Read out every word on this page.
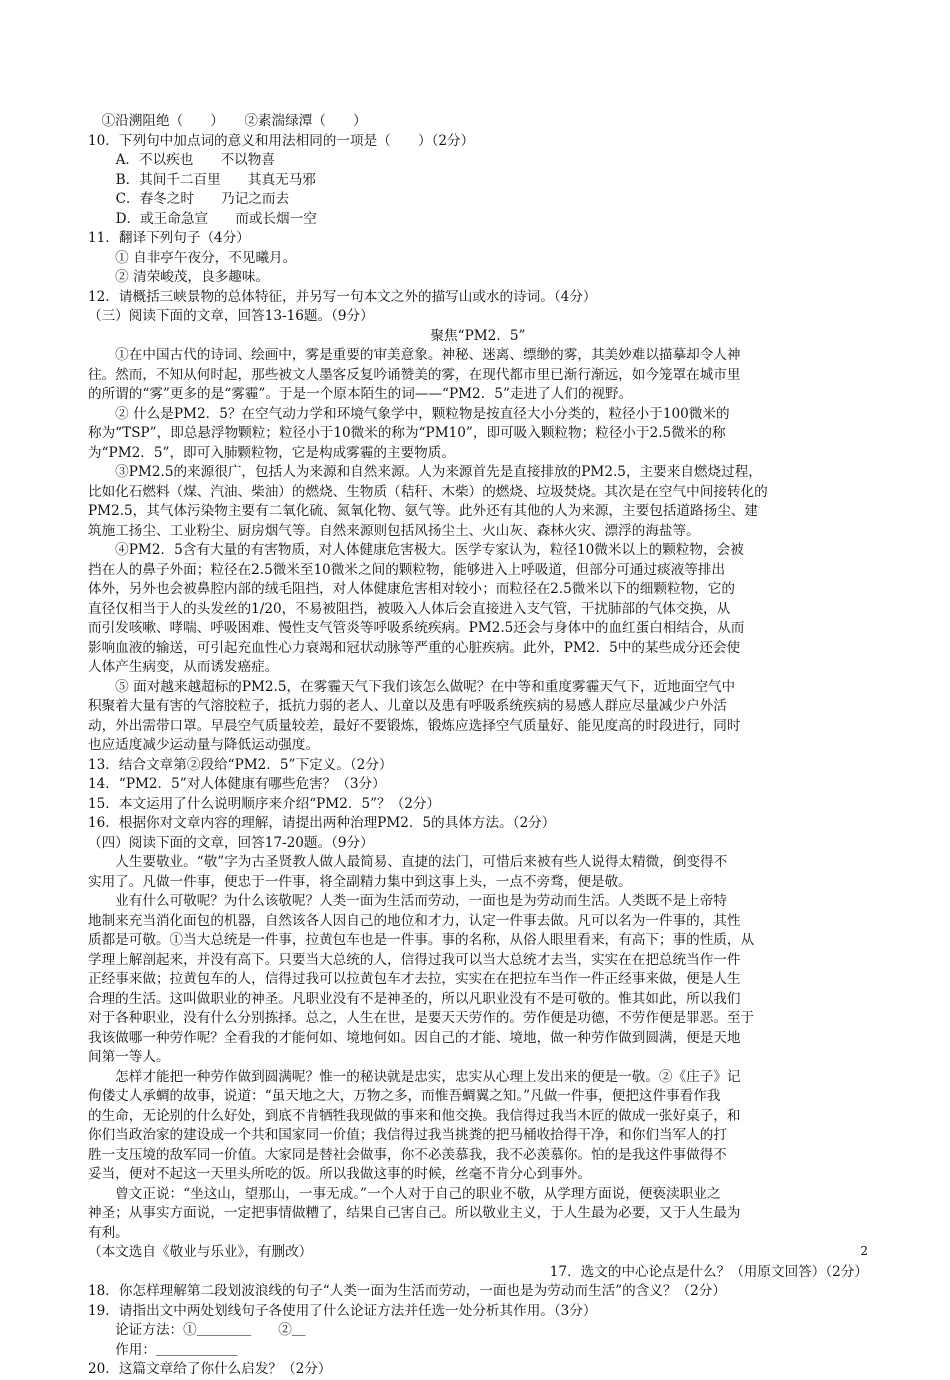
　①沿溯阻绝（　　）　　②素湍绿潭（　　）
10．下列句中加点词的意义和用法相同的一项是（　　）（2分）
　A．不以疾也　　不以物喜
　B．其间千二百里　　其真无马邪
　C．春冬之时　　乃记之而去
　D．或王命急宣　　而或长烟一空
11．翻译下列句子（4分）
　　① 自非亭午夜分，不见曦月。
　　② 清荣峻茂，良多趣味。
12．请概括三峡景物的总体特征，并另写一句本文之外的描写山或水的诗词。（4分）
（三）阅读下面的文章，回答13-16题。（9分）
聚焦“PM2．5”
　　①在中国古代的诗词、绘画中，雾是重要的审美意象。神秘、迷离、缥缈的雾，其美妙难以描摹却令人神
往。然而，不知从何时起，那些被文人墨客反复吟诵赞美的雾，在现代都市里已渐行渐远，如今笼罩在城市里
的所谓的“雾”更多的是“雾霾”。于是一个原本陌生的词——“PM2．5”走进了人们的视野。
　　② 什么是PM2．5？在空气动力学和环境气象学中，颗粒物是按直径大小分类的，粒径小于100微米的
称为“TSP”，即总悬浮物颗粒；粒径小于10微米的称为“PM10”，即可吸入颗粒物；粒径小于2.5微米的称
为“PM2．5”，即可入肺颗粒物，它是构成雾霾的主要物质。
　　③PM2.5的来源很广，包括人为来源和自然来源。人为来源首先是直接排放的PM2.5，主要来自燃烧过程，
比如化石燃料（煤、汽油、柴油）的燃烧、生物质（秸秆、木柴）的燃烧、垃圾焚烧。其次是在空气中间接转化的
PM2.5，其气体污染物主要有二氧化硫、氮氧化物、氨气等。此外还有其他的人为来源，主要包括道路扬尘、建
筑施工扬尘、工业粉尘、厨房烟气等。自然来源则包括风扬尘土、火山灰、森林火灾、漂浮的海盐等。
　　④PM2．5含有大量的有害物质，对人体健康危害极大。医学专家认为，粒径10微米以上的颗粒物，会被
挡在人的鼻子外面；粒径在2.5微米至10微米之间的颗粒物，能够进入上呼吸道，但部分可通过痰液等排出
体外，另外也会被鼻腔内部的绒毛阻挡，对人体健康危害相对较小；而粒径在2.5微米以下的细颗粒物，它的
直径仅相当于人的头发丝的1/20，不易被阻挡，被吸入人体后会直接进入支气管，干扰肺部的气体交换，从
而引发咳嗽、哮喘、呼吸困难、慢性支气管炎等呼吸系统疾病。PM2.5还会与身体中的血红蛋白相结合，从而
影响血液的输送，可引起充血性心力衰竭和冠状动脉等严重的心脏疾病。此外，PM2．5中的某些成分还会使
人体产生病变，从而诱发癌症。
　　⑤ 面对越来越超标的PM2.5，在雾霾天气下我们该怎么做呢？在中等和重度雾霾天气下，近地面空气中
积聚着大量有害的气溶胶粒子，抵抗力弱的老人、儿童以及患有呼吸系统疾病的易感人群应尽量减少户外活
动，外出需带口罩。早晨空气质量较差，最好不要锻炼，锻炼应选择空气质量好、能见度高的时段进行，同时
也应适度减少运动量与降低运动强度。
13．结合文章第②段给“PM2．5”下定义。（2分）
14．“PM2．5”对人体健康有哪些危害？（3分）
15．本文运用了什么说明顺序来介绍“PM2．5”？（2分）
16．根据你对文章内容的理解，请提出两种治理PM2．5的具体方法。（2分）
（四）阅读下面的文章，回答17-20题。（9分）
　　人生要敬业。“敬”字为古圣贤教人做人最简易、直捷的法门，可惜后来被有些人说得太精微，倒变得不
实用了。凡做一件事，便忠于一件事，将全副精力集中到这事上头，一点不旁骛，便是敬。
　　业有什么可敬呢？为什么该敬呢？人类一面为生活而劳动，一面也是为劳动而生活。人类既不是上帝特
地制来充当消化面包的机器，自然该各人因自己的地位和才力，认定一件事去做。凡可以名为一件事的，其性
质都是可敬。①当大总统是一件事，拉黄包车也是一件事。事的名称，从俗人眼里看来，有高下；事的性质，从
学理上解剖起来，并没有高下。只要当大总统的人，信得过我可以当大总统才去当，实实在在把总统当作一件
正经事来做；拉黄包车的人，信得过我可以拉黄包车才去拉，实实在在把拉车当作一件正经事来做，便是人生
合理的生活。这叫做职业的神圣。凡职业没有不是神圣的，所以凡职业没有不是可敬的。惟其如此，所以我们
对于各种职业，没有什么分别拣择。总之，人生在世，是要天天劳作的。劳作便是功德，不劳作便是罪恶。至于
我该做哪一种劳作呢？全看我的才能何如、境地何如。因自己的才能、境地，做一种劳作做到圆满，便是天地
间第一等人。
　　怎样才能把一种劳作做到圆满呢？惟一的秘诀就是忠实，忠实从心理上发出来的便是一敬。②《庄子》记
佝偻丈人承蜩的故事，说道：“虽天地之大，万物之多，而惟吾蜩翼之知。”凡做一件事，便把这件事看作我
的生命，无论别的什么好处，到底不肯牺牲我现做的事来和他交换。我信得过我当木匠的做成一张好桌子，和
你们当政治家的建设成一个共和国家同一价值；我信得过我当挑粪的把马桶收拾得干净，和你们当军人的打
胜一支压境的敌军同一价值。大家同是替社会做事，你不必羡慕我，我不必羡慕你。怕的是我这件事做得不
妥当，便对不起这一天里头所吃的饭。所以我做这事的时候，丝毫不肯分心到事外。
　　曾文正说：“坐这山，望那山，一事无成。”一个人对于自己的职业不敬，从学理方面说，便亵渎职业之
神圣；从事实方面说，一定把事情做糟了，结果自己害自己。所以敬业主义，于人生最为必要，又于人生最为
有利。
（本文选自《敬业与乐业》，有删改）
17．选文的中心论点是什么？（用原文回答）（2分）
18．你怎样理解第二段划波浪线的句子“人类一面为生活而劳动，一面也是为劳动而生活”的含义？（2分）
19．请指出文中两处划线句子各使用了什么论证方法并任选一处分析其作用。（3分）
　　论证方法：①＿＿＿＿　　②＿
　　作用：＿＿＿＿＿＿
20．这篇文章给了你什么启发？（2分）
2
